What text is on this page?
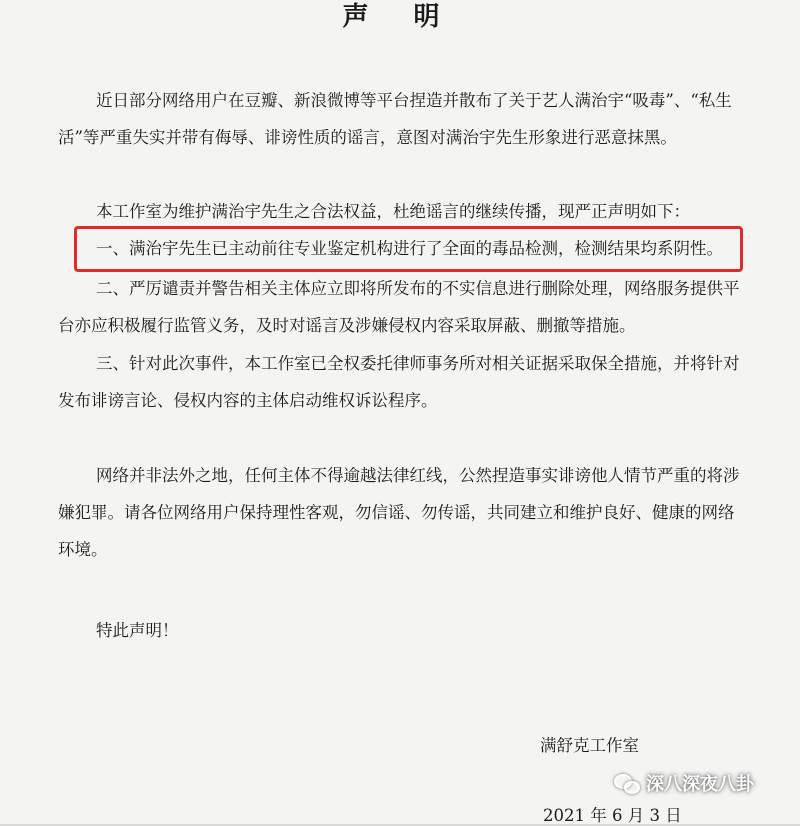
声 明

近日部分网络用户在豆瓣、新浪微博等平台捏造并散布了关于艺人满治宇“吸毒”、“私生活”等严重失实并带有侮辱、诽谤性质的谣言，意图对满治宇先生形象进行恶意抹黑。

本工作室为维护满治宇先生之合法权益，杜绝谣言的继续传播，现严正声明如下：

一、满治宇先生已主动前往专业鉴定机构进行了全面的毒品检测，检测结果均系阴性。

二、严厉谴责并警告相关主体应立即将所发布的不实信息进行删除处理，网络服务提供平台亦应积极履行监管义务，及时对谣言及涉嫌侵权内容采取屏蔽、删撤等措施。

三、针对此次事件，本工作室已全权委托律师事务所对相关证据采取保全措施，并将针对发布诽谤言论、侵权内容的主体启动维权诉讼程序。

网络并非法外之地，任何主体不得逾越法律红线，公然捏造事实诽谤他人情节严重的将涉嫌犯罪。请各位网络用户保持理性客观，勿信谣、勿传谣，共同建立和维护良好、健康的网络环境。

特此声明！

满舒克工作室
深八深夜八卦
2021 年 6 月 3 日
